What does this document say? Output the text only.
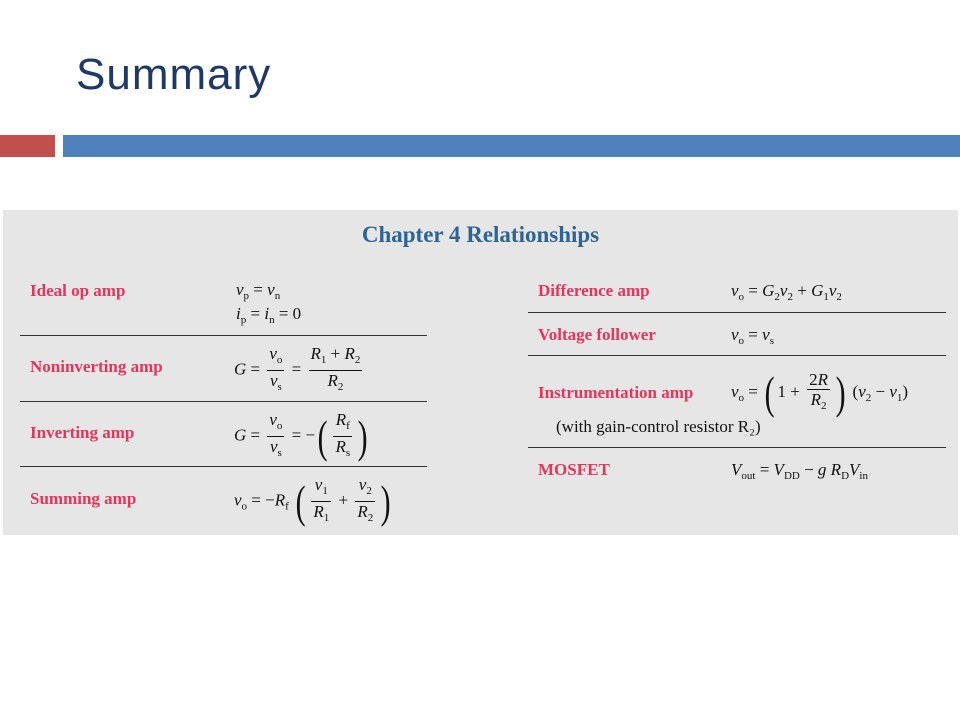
Summary
Chapter 4 Relationships
Ideal op amp	$v_p = v_n$
$i_p = i_n = 0$
Noninverting amp	$G = \frac{v_o}{v_s} = \frac{R_1 + R_2}{R_2}$
Inverting amp	$G = \frac{v_o}{v_s}$ = −( $\frac{R_f}{R_s}$ )
Summing amp	$v_o = -R_f$ ( $\frac{v_1}{R_1} + \frac{v_2}{R_2}$ )
Difference amp	$v_o = G_2v_2 + G_1v_2$
Voltage follower	$v_o = v_s$
Instrumentation amp $v_o$ = ( $1 + \frac{2R}{R_2}$ ) $(v_2 - v_1)$
(with gain-control resistor R₂)
MOSFET	$V_{out} = V_{DD} - g$ $R_DV_{in}$
